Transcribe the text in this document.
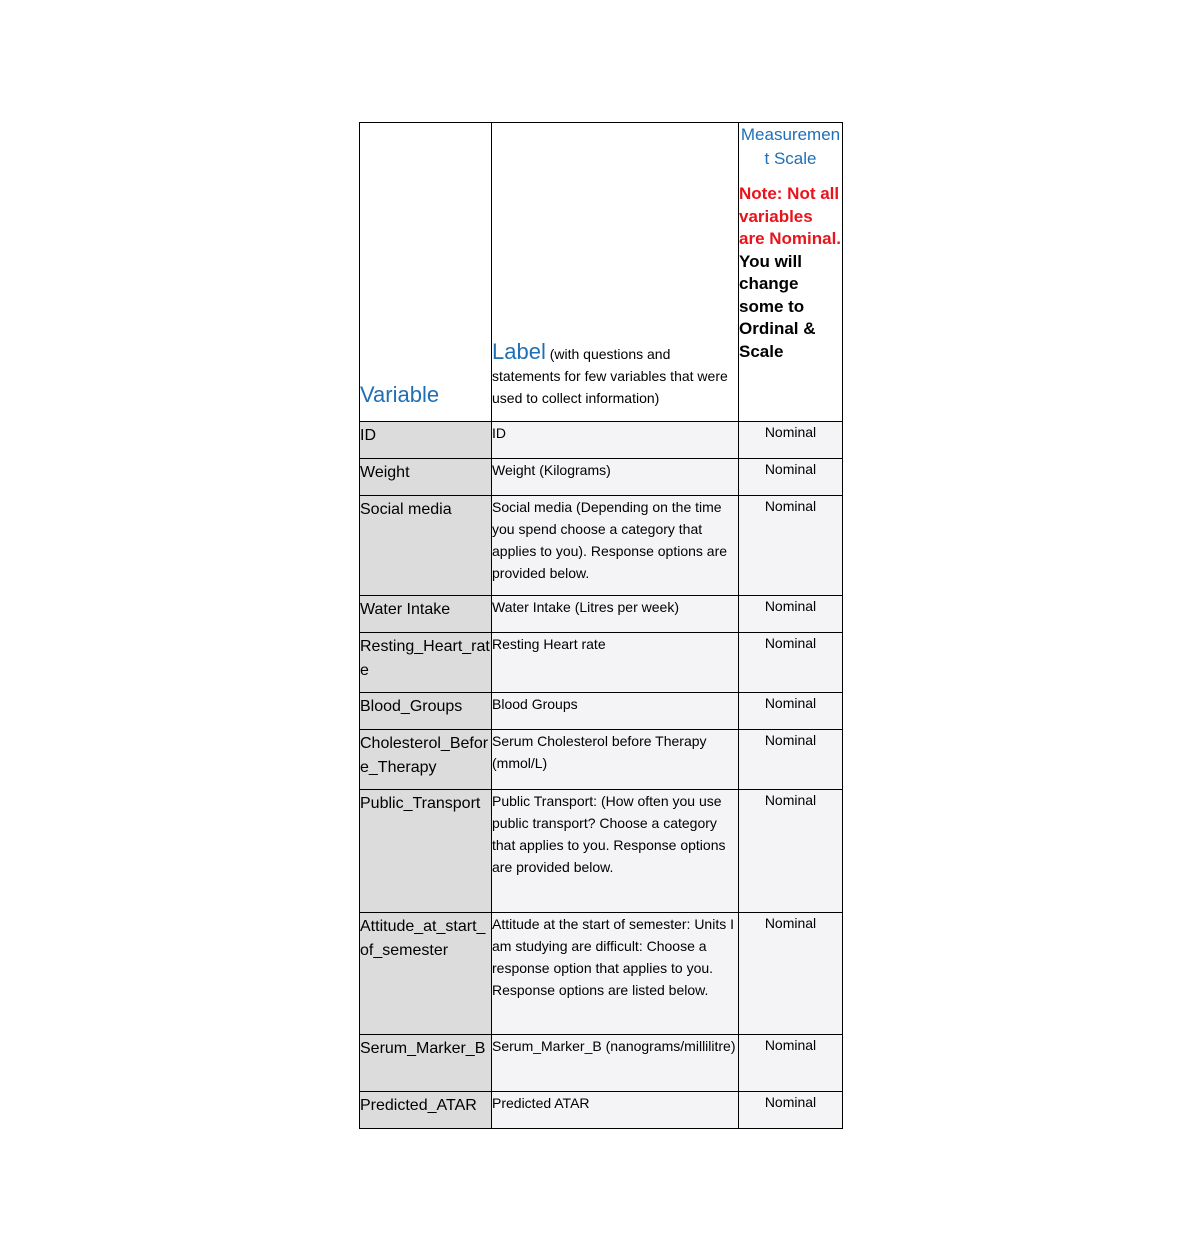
Variable	Label (with questions and statements for few variables that were used to collect information)	Measurement Scale
Note: Not all variables are Nominal.
You will change some to Ordinal & Scale

ID	ID	Nominal
Weight	Weight (Kilograms)	Nominal
Social media	Social media (Depending on the time you spend choose a category that applies to you). Response options are provided below.	Nominal
Water Intake	Water Intake (Litres per week)	Nominal
Resting_Heart_rate	Resting Heart rate	Nominal
Blood_Groups	Blood Groups	Nominal
Cholesterol_Before_Therapy	Serum Cholesterol before Therapy (mmol/L)	Nominal
Public_Transport	Public Transport: (How often you use public transport? Choose a category that applies to you. Response options are provided below.	Nominal
Attitude_at_start_of_semester	Attitude at the start of semester: Units I am studying are difficult: Choose a response option that applies to you. Response options are listed below.	Nominal
Serum_Marker_B	Serum_Marker_B (nanograms/millilitre)	Nominal
Predicted_ATAR	Predicted ATAR	Nominal
